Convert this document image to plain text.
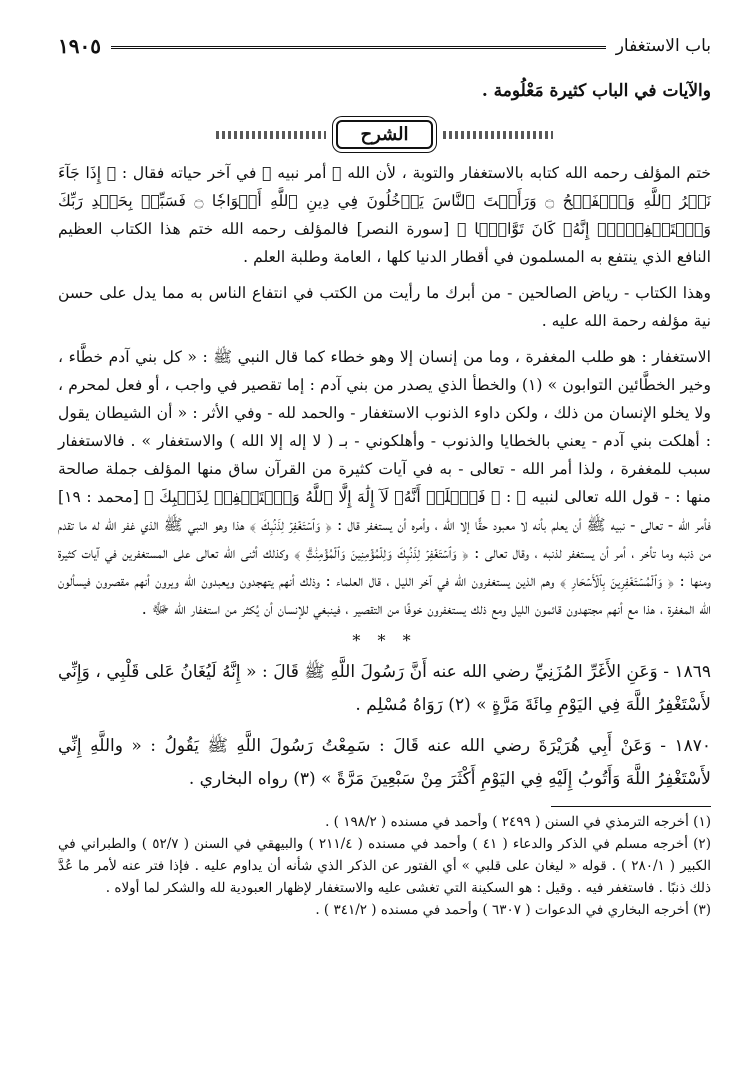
باب الاستغفار
١٩٠٥

والآيات في الباب كثيرة مَعْلُومة .

الشرح

ختم المؤلف رحمه الله كتابه بالاستغفار والتوبة ، لأن الله ﷻ أمر نبيه ﷺ في آخر حياته فقال : ﴿ إِذَا جَآءَ نَصۡرُ ٱللَّهِ وَٱلۡفَتۡحُ ۝ وَرَأَيۡتَ ٱلنَّاسَ يَدۡخُلُونَ فِي دِينِ ٱللَّهِ أَفۡوَاجٗا ۝ فَسَبِّحۡ بِحَمۡدِ رَبِّكَ وَٱسۡتَغۡفِرۡهُۚ إِنَّهُۥ كَانَ تَوَّابَۢا ﴾ [سورة النصر] فالمؤلف رحمه الله ختم هذا الكتاب العظيم النافع الذي ينتفع به المسلمون في أقطار الدنيا كلها ، العامة وطلبة العلم .

وهذا الكتاب - رياض الصالحين - من أبرك ما رأيت من الكتب في انتفاع الناس به مما يدل على حسن نية مؤلفه رحمة الله عليه .

الاستغفار : هو طلب المغفرة ، وما من إنسان إلا وهو خطاء كما قال النبي ﷺ : « كل بني آدم خطَّاء ، وخير الخطَّائين التوابون » (١) والخطأ الذي يصدر من بني آدم : إما تقصير في واجب ، أو فعل لمحرم ، ولا يخلو الإنسان من ذلك ، ولكن داوء الذنوب الاستغفار - والحمد لله - وفي الأثر : « أن الشيطان يقول : أهلكت بني آدم - يعني بالخطايا والذنوب - وأهلكوني - بـ ( لا إله إلا الله ) والاستغفار » . فالاستغفار سبب للمغفرة ، ولذا أمر الله - تعالى - به في آيات كثيرة من القرآن ساق منها المؤلف جملة صالحة منها : - قول الله تعالى لنبيه ﷺ : ﴿ فَٱعۡلَمۡ أَنَّهُۥ لَآ إِلَٰهَ إِلَّا ٱللَّهُ وَٱسۡتَغۡفِرۡ لِذَنۢبِكَ ﴾ [محمد : ١٩] فأمر الله - تعالى - نبيه ﷺ أن يعلم بأنه لا معبود حقًّا إلا الله ، وأمره أن يستغفر قال : ﴿ وَٱسۡتَغۡفِرۡ لِذَنۢبِكَ ﴾ هذا وهو النبي ﷺ الذي غفر الله له ما تقدم من ذنبه وما تأخر ، أمر أن يستغفر لذنبه ، وقال تعالى : ﴿ وَٱسۡتَغۡفِرۡ لِذَنۢبِكَ وَلِلۡمُؤۡمِنِينَ وَٱلۡمُؤۡمِنَٰتِۗ ﴾ وكذلك أثنى الله تعالى على المستغفرين في آيات كثيرة ومنها : ﴿ وَٱلۡمُسۡتَغۡفِرِينَ بِٱلۡأَسۡحَارِ ﴾ وهم الذين يستغفرون الله في آخر الليل ، قال العلماء : وذلك أنهم يتهجدون ويعبدون الله ويرون أنهم مقصرون فيسألون الله المغفرة ، هذا مع أنهم مجتهدون قائمون الليل ومع ذلك يستغفرون خوفًا من التقصير ، فينبغي للإنسان أن يُكثر من استغفار الله ﷻ .

* * *

١٨٦٩ - وَعَنِ الأَغَرِّ المُزَنِيِّ رضي الله عنه أَنَّ رَسُولَ اللَّهِ ﷺ قَالَ : « إِنَّهُ لَيُغَانُ عَلى قَلْبِي ، وَإِنِّي لأَسْتَغْفِرُ اللَّهَ فِي اليَوْمِ مِائَةَ مَرَّةٍ » (٢) رَوَاهُ مُسْلِم .

١٨٧٠ - وَعَنْ أَبِي هُرَيْرَةَ رضي الله عنه قَالَ : سَمِعْتُ رَسُولَ اللَّهِ ﷺ يَقُولُ : « واللَّهِ إِنِّي لأَسْتَغْفِرُ اللَّهَ وَأَتُوبُ إِلَيْهِ فِي اليَوْمِ أَكْثَرَ مِنْ سَبْعِينَ مَرَّةً » (٣) رواه البخاري .

(١) أخرجه الترمذي في السنن ( ٢٤٩٩ ) وأحمد في مسنده ( ١٩٨/٢ ) .

(٢) أخرجه مسلم في الذكر والدعاء ( ٤١ ) وأحمد في مسنده ( ٢١١/٤ ) والبيهقي في السنن ( ٥٢/٧ ) والطبراني في الكبير ( ٢٨٠/١ ) . قوله « ليغان على قلبي » أي الفتور عن الذكر الذي شأنه أن يداوم عليه . فإذا فتر عنه لأمر ما عُدَّ ذلك ذنبًا . فاستغفر فيه . وقيل : هو السكينة التي تغشى عليه والاستغفار لإظهار العبودية لله والشكر لما أولاه .

(٣) أخرجه البخاري في الدعوات ( ٦٣٠٧ ) وأحمد في مسنده ( ٣٤١/٢ ) .
